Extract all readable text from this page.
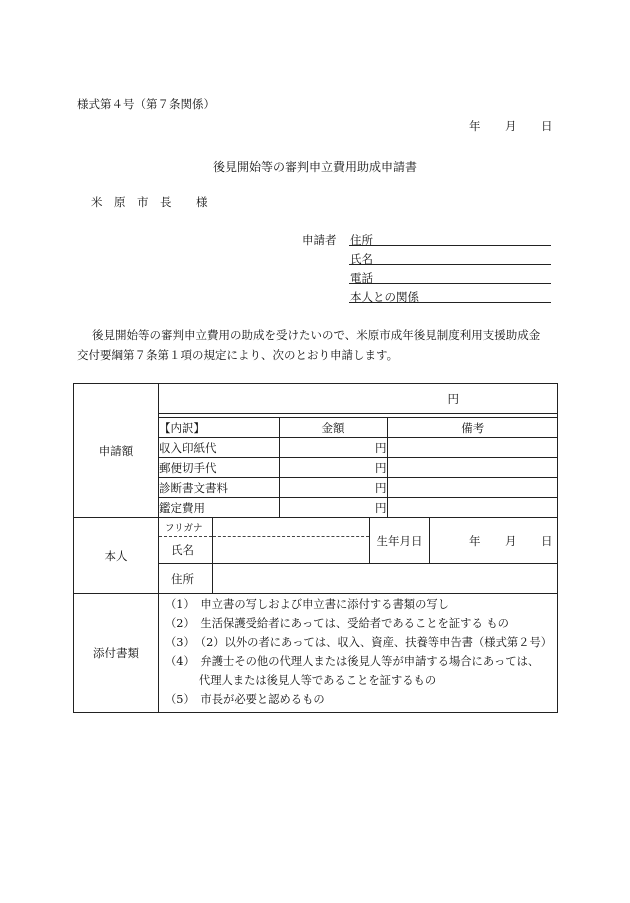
様式第４号（第７条関係）
年 月 日
後見開始等の審判申立費用助成申請書
米　原　市　長 様
申請者 住所
氏名
電話
本人との関係
後見開始等の審判申立費用の助成を受けたいので、米原市成年後見制度利用支援助成金
交付要綱第７条第１項の規定により、次のとおり申請します。
申請額	円

【内訳】	金額	備考
収入印紙代	円	
郵便切手代	円	
診断書文書料	円	
鑑定費用	円	

本人	フリガナ		生年月日	年 月 日

氏名	
住所	
添付書類	
（1）　申立書の写しおよび申立書に添付する書類の写し
（2）　生活保護受給者にあっては、受給者であることを証する もの
（3）　（2）以外の者にあっては、収入、資産、扶養等申告書（様式第２号）
（4）　弁護士その他の代理人または後見人等が申請する場合にあっては、
　　　代理人または後見人等であることを証するもの
（5）　市長が必要と認めるもの
